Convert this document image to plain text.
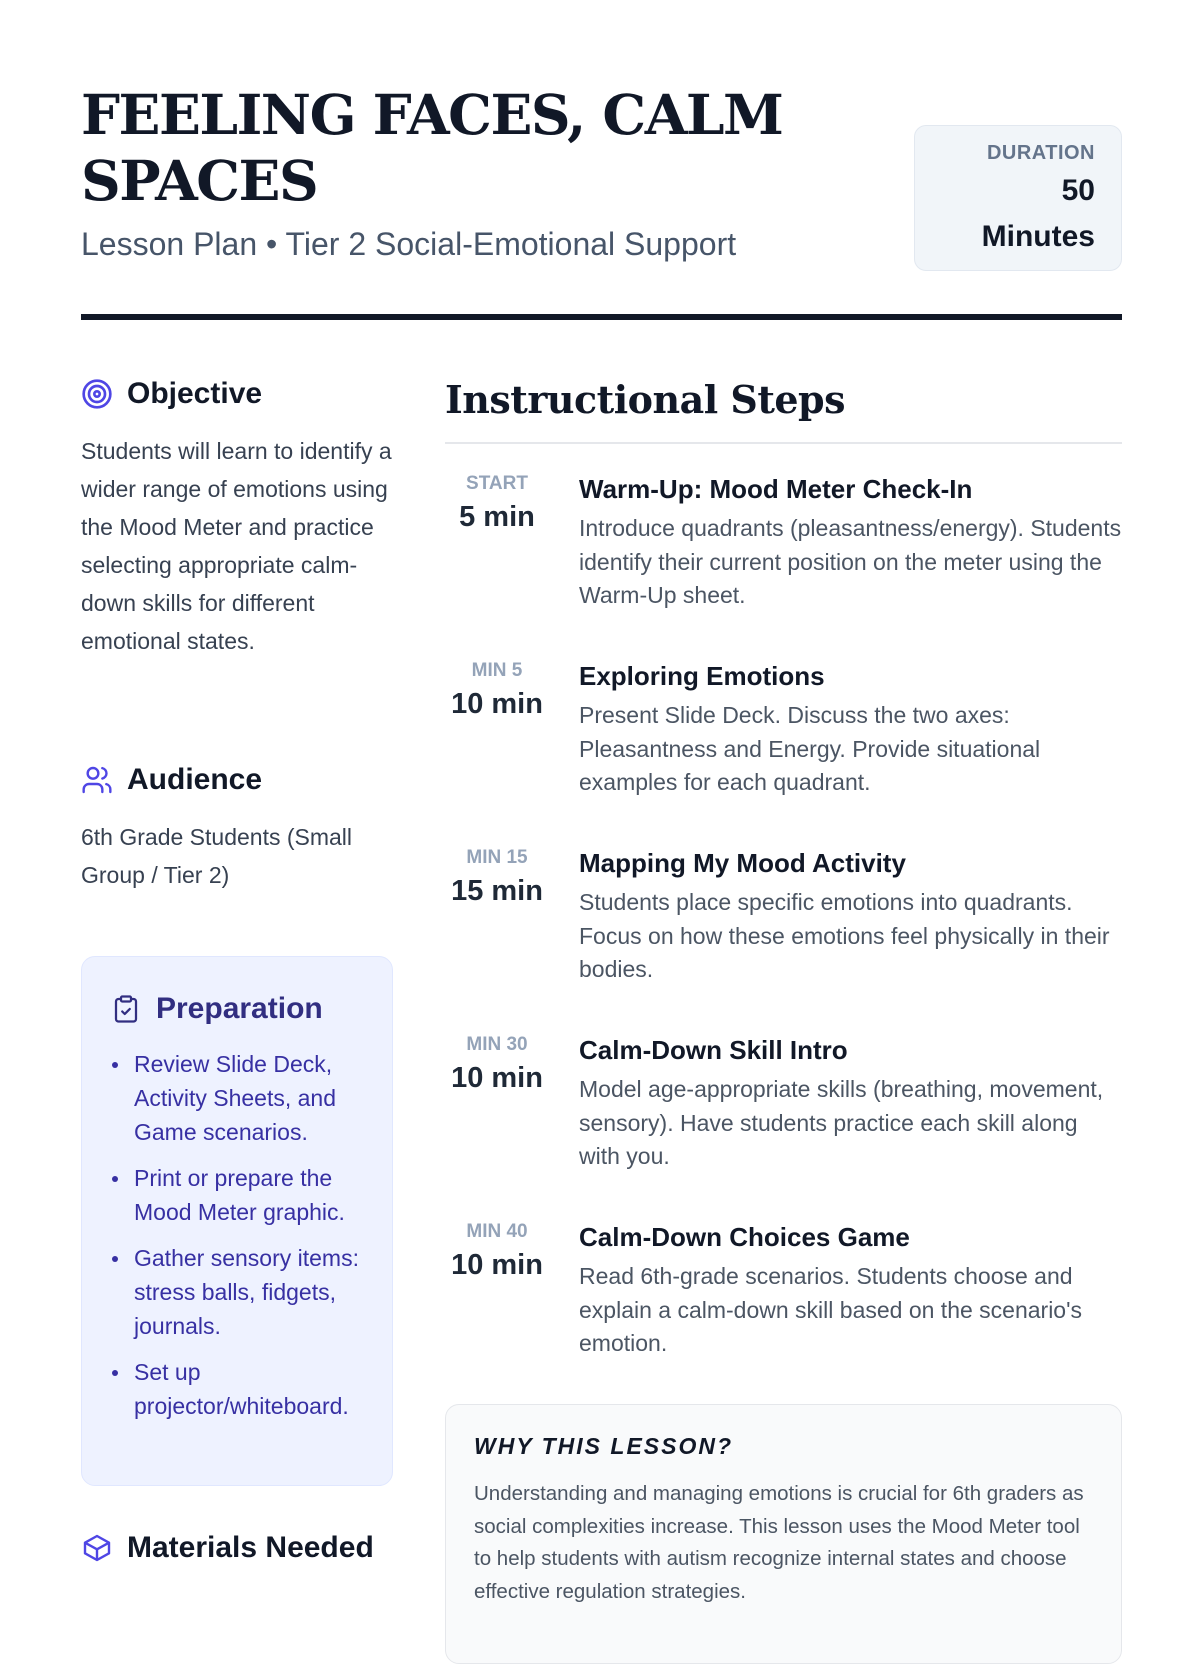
FEELING FACES, CALM SPACES

Lesson Plan • Tier 2 Social-Emotional Support

DURATION
50 Minutes
Objective

Students will learn to identify a wider range of emotions using the Mood Meter and practice selecting appropriate calm-down skills for different emotional states.

Audience

6th Grade Students (Small Group / Tier 2)

Preparation
Review Slide Deck, Activity Sheets, and Game scenarios.
Print or prepare the Mood Meter graphic.
Gather sensory items: stress balls, fidgets, journals.
Set up projector/whiteboard.
Materials Needed
Instructional Steps
START
5 min
Warm-Up: Mood Meter Check-In

Introduce quadrants (pleasantness/energy). Students identify their current position on the meter using the Warm-Up sheet.

MIN 5
10 min
Exploring Emotions

Present Slide Deck. Discuss the two axes: Pleasantness and Energy. Provide situational examples for each quadrant.

MIN 15
15 min
Mapping My Mood Activity

Students place specific emotions into quadrants. Focus on how these emotions feel physically in their bodies.

MIN 30
10 min
Calm-Down Skill Intro

Model age-appropriate skills (breathing, movement, sensory). Have students practice each skill along with you.

MIN 40
10 min
Calm-Down Choices Game

Read 6th-grade scenarios. Students choose and explain a calm-down skill based on the scenario's emotion.

WHY THIS LESSON?

Understanding and managing emotions is crucial for 6th graders as social complexities increase. This lesson uses the Mood Meter tool to help students with autism recognize internal states and choose effective regulation strategies.
